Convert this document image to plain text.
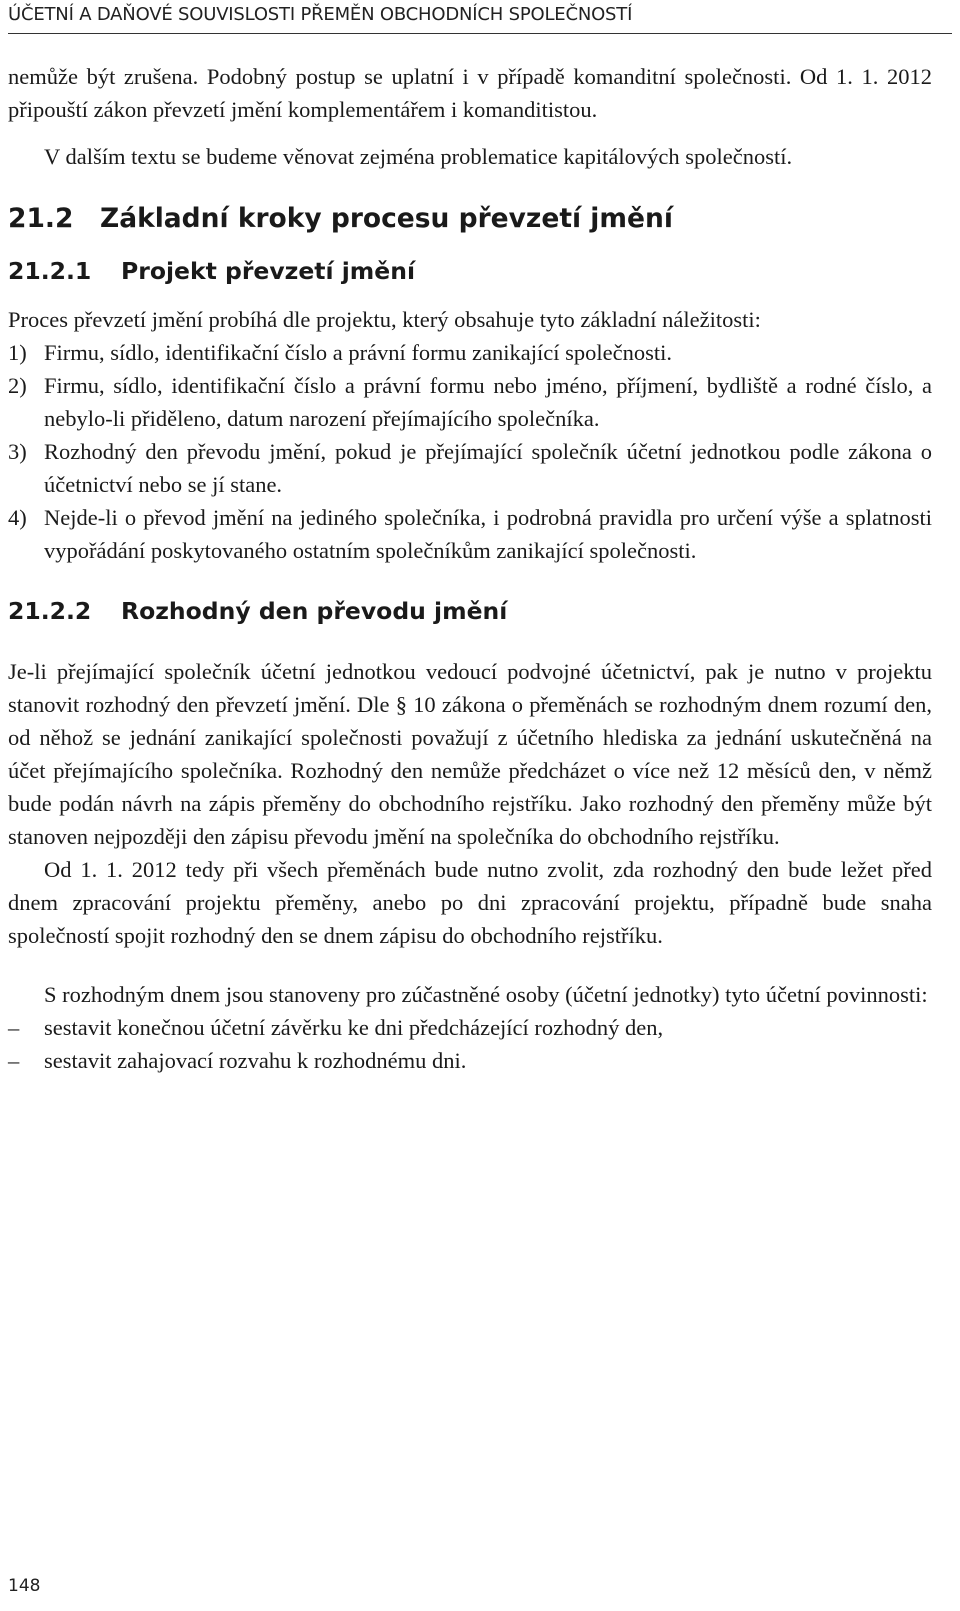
ÚČETNÍ A DAŇOVÉ SOUVISLOSTI PŘEMĚN OBCHODNÍCH SPOLEČNOSTÍ

nemůže být zrušena. Podobný postup se uplatní i v případě komanditní společnosti. Od 1. 1. 2012 připouští zákon převzetí jmění komplementářem i komanditistou.

V dalším textu se budeme věnovat zejména problematice kapitálových společností.

21.2 Základní kroky procesu převzetí jmění
21.2.1 Projekt převzetí jmění

Proces převzetí jmění probíhá dle projektu, který obsahuje tyto základní náležitosti:

1) Firmu, sídlo, identifikační číslo a právní formu zanikající společnosti.
2) Firmu, sídlo, identifikační číslo a právní formu nebo jméno, příjmení, bydliště a rodné číslo, a nebylo-li přiděleno, datum narození přejímajícího společníka.
3) Rozhodný den převodu jmění, pokud je přejímající společník účetní jednotkou podle zákona o účetnictví nebo se jí stane.
4) Nejde-li o převod jmění na jediného společníka, i podrobná pravidla pro určení výše a splatnosti vypořádání poskytovaného ostatním společníkům zanikající společnosti.
21.2.2 Rozhodný den převodu jmění

Je-li přejímající společník účetní jednotkou vedoucí podvojné účetnictví, pak je nutno v projektu stanovit rozhodný den převzetí jmění. Dle § 10 zákona o přeměnách se rozhodným dnem rozumí den, od něhož se jednání zanikající společnosti považují z účetního hlediska za jednání uskutečněná na účet přejímajícího společníka. Rozhodný den nemůže předcházet o více než 12 měsíců den, v němž bude podán návrh na zápis přeměny do obchodního rejstříku. Jako rozhodný den přeměny může být stanoven nejpozději den zápisu převodu jmění na společníka do obchodního rejstříku.

Od 1. 1. 2012 tedy při všech přeměnách bude nutno zvolit, zda rozhodný den bude ležet před dnem zpracování projektu přeměny, anebo po dni zpracování projektu, případně bude snaha společností spojit rozhodný den se dnem zápisu do obchodního rejstříku.

S rozhodným dnem jsou stanoveny pro zúčastněné osoby (účetní jednotky) tyto účetní povinnosti:

– sestavit konečnou účetní závěrku ke dni předcházející rozhodný den,
– sestavit zahajovací rozvahu k rozhodnému dni.
148
